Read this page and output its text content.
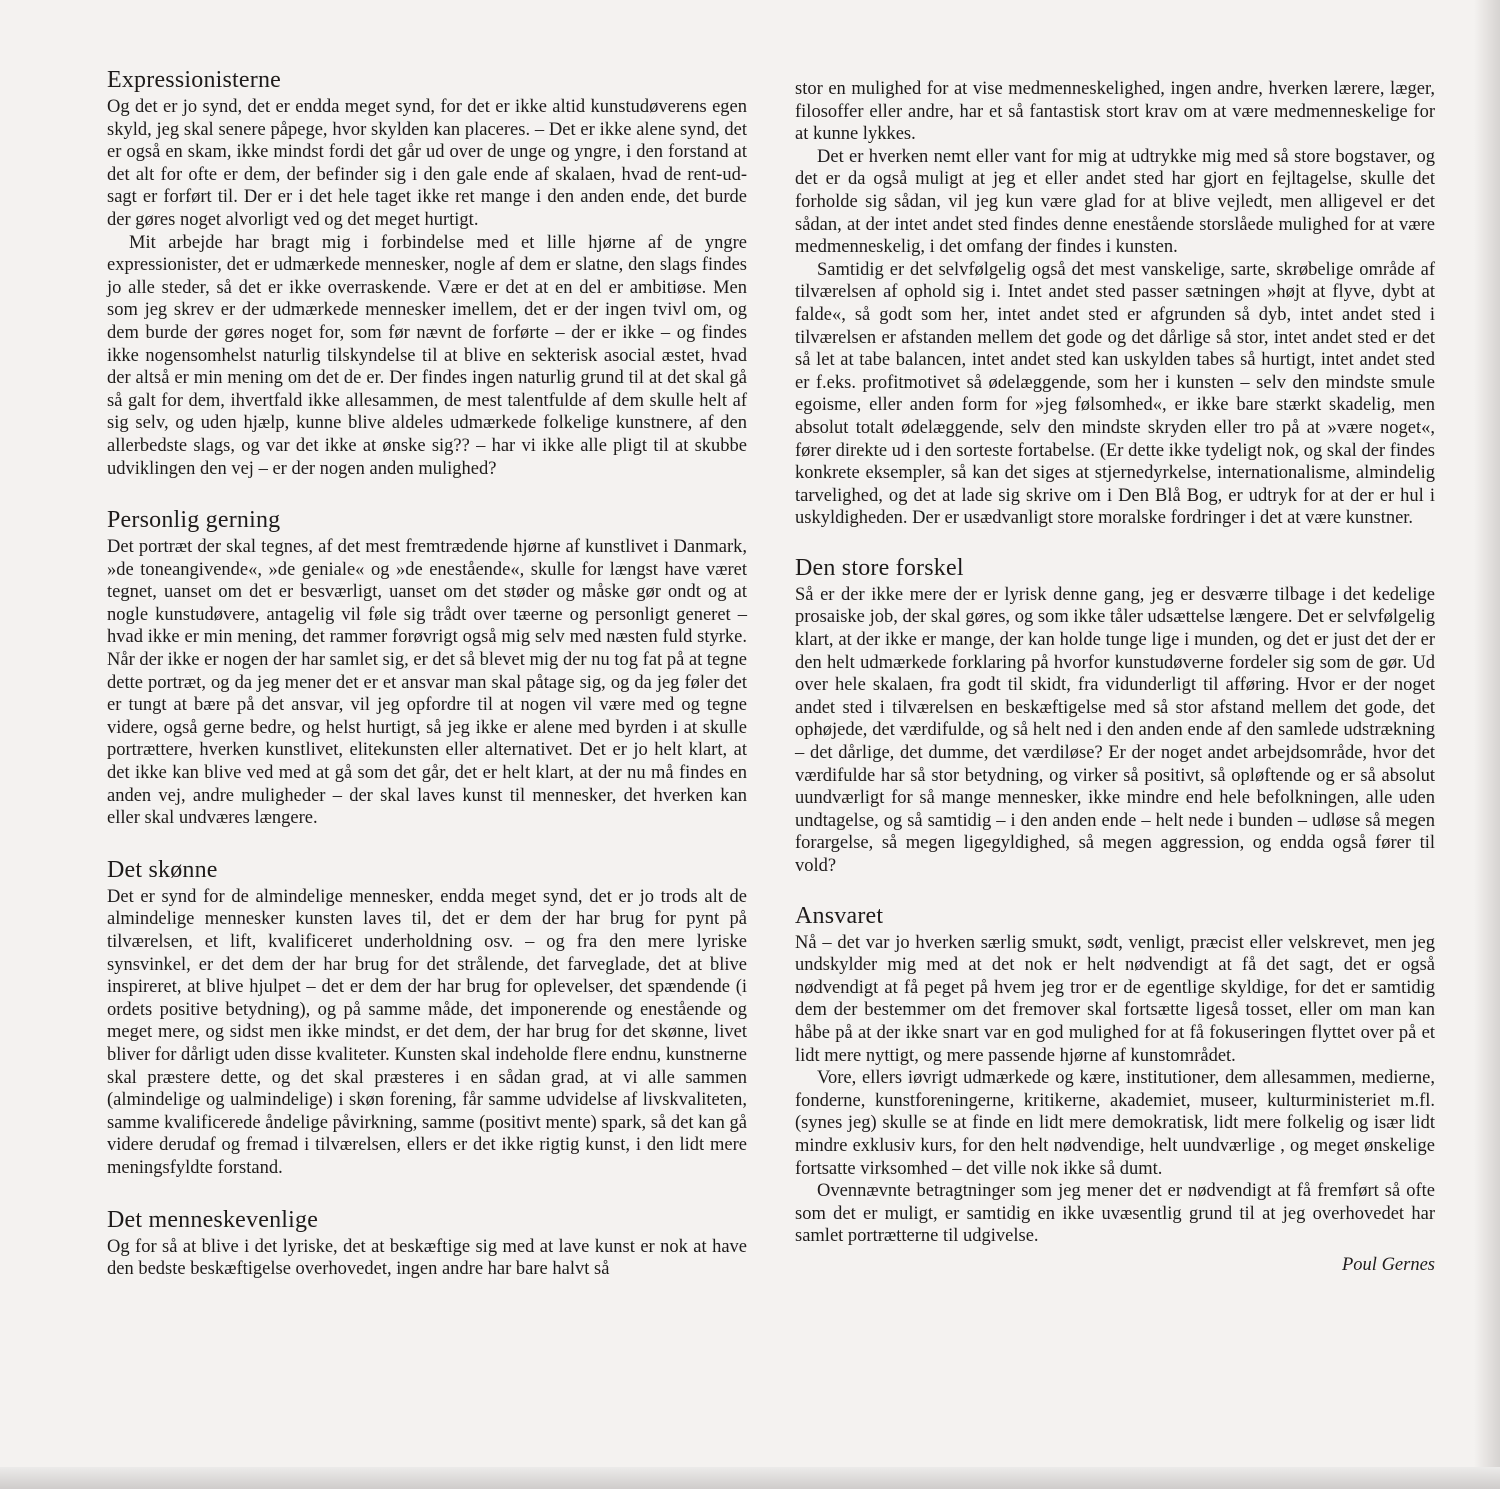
Expressionisterne

Og det er jo synd, det er endda meget synd, for det er ikke altid kunstudøverens egen skyld, jeg skal senere påpege, hvor skylden kan placeres. – Det er ikke alene synd, det er også en skam, ikke mindst fordi det går ud over de unge og yngre, i den forstand at det alt for ofte er dem, der befinder sig i den gale ende af skalaen, hvad de rent-ud-sagt er forført til. Der er i det hele taget ikke ret mange i den anden ende, det burde der gøres noget alvorligt ved og det meget hurtigt.

Mit arbejde har bragt mig i forbindelse med et lille hjørne af de yngre expressionister, det er udmærkede mennesker, nogle af dem er slatne, den slags findes jo alle steder, så det er ikke overraskende. Være er det at en del er ambitiøse. Men som jeg skrev er der udmærkede mennesker imellem, det er der ingen tvivl om, og dem burde der gøres noget for, som før nævnt de forførte – der er ikke – og findes ikke nogensomhelst naturlig tilskyndelse til at blive en sekterisk asocial æstet, hvad der altså er min mening om det de er. Der findes ingen naturlig grund til at det skal gå så galt for dem, ihvertfald ikke allesammen, de mest talentfulde af dem skulle helt af sig selv, og uden hjælp, kunne blive aldeles udmærkede folkelige kunstnere, af den allerbedste slags, og var det ikke at ønske sig?? – har vi ikke alle pligt til at skubbe udviklingen den vej – er der nogen anden mulighed?

Personlig gerning

Det portræt der skal tegnes, af det mest fremtrædende hjørne af kunstlivet i Danmark, »de toneangivende«, »de geniale« og »de enestående«, skulle for længst have været tegnet, uanset om det er besværligt, uanset om det støder og måske gør ondt og at nogle kunstudøvere, antagelig vil føle sig trådt over tæerne og personligt generet – hvad ikke er min mening, det rammer forøvrigt også mig selv med næsten fuld styrke. Når der ikke er nogen der har samlet sig, er det så blevet mig der nu tog fat på at tegne dette portræt, og da jeg mener det er et ansvar man skal påtage sig, og da jeg føler det er tungt at bære på det ansvar, vil jeg opfordre til at nogen vil være med og tegne videre, også gerne bedre, og helst hurtigt, så jeg ikke er alene med byrden i at skulle portrættere, hverken kunstlivet, elitekunsten eller alternativet. Det er jo helt klart, at det ikke kan blive ved med at gå som det går, det er helt klart, at der nu må findes en anden vej, andre muligheder – der skal laves kunst til mennesker, det hverken kan eller skal undværes længere.

Det skønne

Det er synd for de almindelige mennesker, endda meget synd, det er jo trods alt de almindelige mennesker kunsten laves til, det er dem der har brug for pynt på tilværelsen, et lift, kvalificeret underholdning osv. – og fra den mere lyriske synsvinkel, er det dem der har brug for det strålende, det farveglade, det at blive inspireret, at blive hjulpet – det er dem der har brug for oplevelser, det spændende (i ordets positive betydning), og på samme måde, det imponerende og enestående og meget mere, og sidst men ikke mindst, er det dem, der har brug for det skønne, livet bliver for dårligt uden disse kvaliteter. Kunsten skal indeholde flere endnu, kunstnerne skal præstere dette, og det skal præsteres i en sådan grad, at vi alle sammen (almindelige og ualmindelige) i skøn forening, får samme udvidelse af livskvaliteten, samme kvalificerede åndelige påvirkning, samme (positivt mente) spark, så det kan gå videre derudaf og fremad i tilværelsen, ellers er det ikke rigtig kunst, i den lidt mere meningsfyldte forstand.

Det menneskevenlige

Og for så at blive i det lyriske, det at beskæftige sig med at lave kunst er nok at have den bedste beskæftigelse overhovedet, ingen andre har bare halvt så

stor en mulighed for at vise medmenneskelighed, ingen andre, hverken lærere, læger, filosoffer eller andre, har et så fantastisk stort krav om at være medmenneskelige for at kunne lykkes.

Det er hverken nemt eller vant for mig at udtrykke mig med så store bogstaver, og det er da også muligt at jeg et eller andet sted har gjort en fejltagelse, skulle det forholde sig sådan, vil jeg kun være glad for at blive vejledt, men alligevel er det sådan, at der intet andet sted findes denne enestående storslåede mulighed for at være medmenneskelig, i det omfang der findes i kunsten.

Samtidig er det selvfølgelig også det mest vanskelige, sarte, skrøbelige område af tilværelsen af ophold sig i. Intet andet sted passer sætningen »højt at flyve, dybt at falde«, så godt som her, intet andet sted er afgrunden så dyb, intet andet sted i tilværelsen er afstanden mellem det gode og det dårlige så stor, intet andet sted er det så let at tabe balancen, intet andet sted kan uskylden tabes så hurtigt, intet andet sted er f.eks. profitmotivet så ødelæggende, som her i kunsten – selv den mindste smule egoisme, eller anden form for »jeg følsomhed«, er ikke bare stærkt skadelig, men absolut totalt ødelæggende, selv den mindste skryden eller tro på at »være noget«, fører direkte ud i den sorteste fortabelse. (Er dette ikke tydeligt nok, og skal der findes konkrete eksempler, så kan det siges at stjernedyrkelse, internationalisme, almindelig tarvelighed, og det at lade sig skrive om i Den Blå Bog, er udtryk for at der er hul i uskyldigheden. Der er usædvanligt store moralske fordringer i det at være kunstner.

Den store forskel

Så er der ikke mere der er lyrisk denne gang, jeg er desværre tilbage i det kedelige prosaiske job, der skal gøres, og som ikke tåler udsættelse længere. Det er selvfølgelig klart, at der ikke er mange, der kan holde tunge lige i munden, og det er just det der er den helt udmærkede forklaring på hvorfor kunstudøverne fordeler sig som de gør. Ud over hele skalaen, fra godt til skidt, fra vidunderligt til afføring. Hvor er der noget andet sted i tilværelsen en beskæftigelse med så stor afstand mellem det gode, det ophøjede, det værdifulde, og så helt ned i den anden ende af den samlede udstrækning – det dårlige, det dumme, det værdiløse? Er der noget andet arbejdsområde, hvor det værdifulde har så stor betydning, og virker så positivt, så opløftende og er så absolut uundværligt for så mange mennesker, ikke mindre end hele befolkningen, alle uden undtagelse, og så samtidig – i den anden ende – helt nede i bunden – udløse så megen forargelse, så megen ligegyldighed, så megen aggression, og endda også fører til vold?

Ansvaret

Nå – det var jo hverken særlig smukt, sødt, venligt, præcist eller velskrevet, men jeg undskylder mig med at det nok er helt nødvendigt at få det sagt, det er også nødvendigt at få peget på hvem jeg tror er de egentlige skyldige, for det er samtidig dem der bestemmer om det fremover skal fortsætte ligeså tosset, eller om man kan håbe på at der ikke snart var en god mulighed for at få fokuseringen flyttet over på et lidt mere nyttigt, og mere passende hjørne af kunstområdet.

Vore, ellers iøvrigt udmærkede og kære, institutioner, dem allesammen, medierne, fonderne, kunstforeningerne, kritikerne, akademiet, museer, kulturministeriet m.fl. (synes jeg) skulle se at finde en lidt mere demokratisk, lidt mere folkelig og især lidt mindre exklusiv kurs, for den helt nødvendige, helt uundværlige , og meget ønskelige fortsatte virksomhed – det ville nok ikke så dumt.

Ovennævnte betragtninger som jeg mener det er nødvendigt at få fremført så ofte som det er muligt, er samtidig en ikke uvæsentlig grund til at jeg overhovedet har samlet portrætterne til udgivelse.

Poul Gernes
